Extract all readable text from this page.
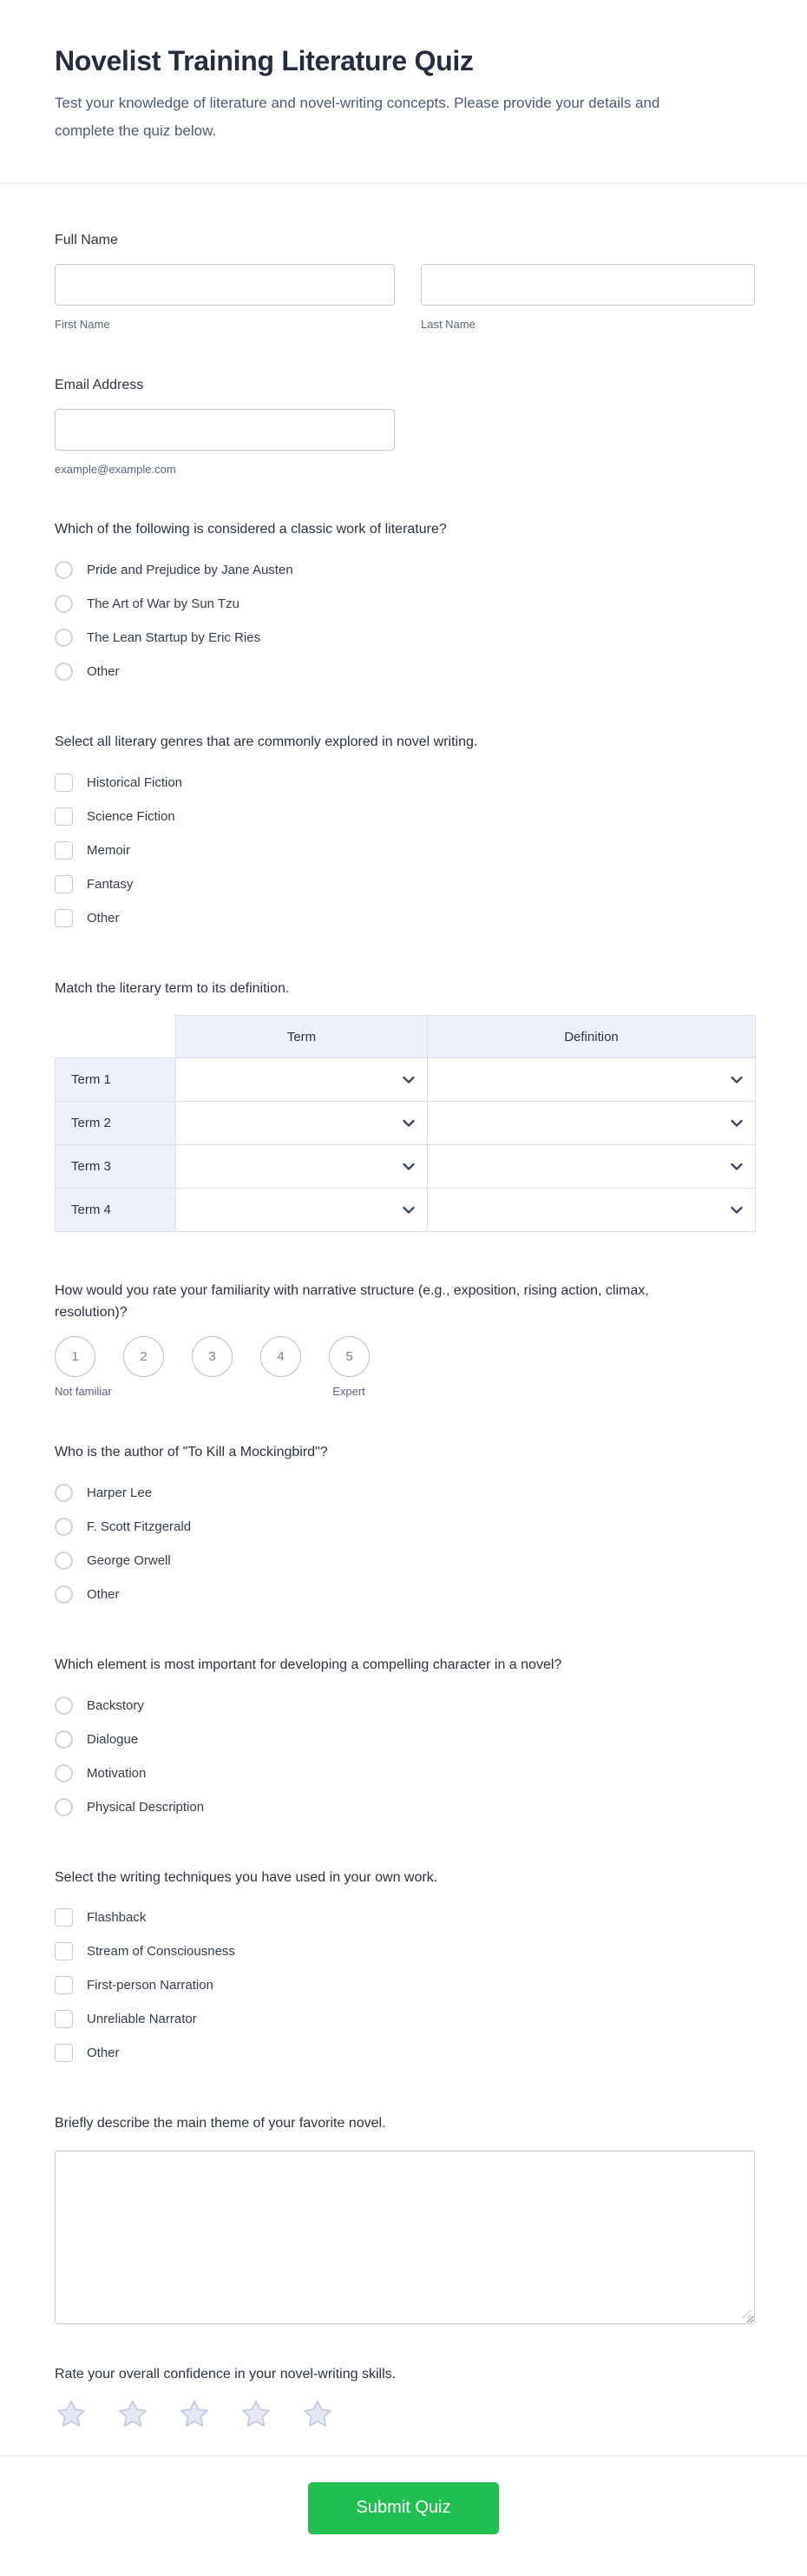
Novelist Training Literature Quiz

Test your knowledge of literature and novel-writing concepts. Please provide your details and complete the quiz below.

Full Name
First Name	Last Name
Email Address
example@example.com
Which of the following is considered a classic work of literature?
Pride and Prejudice by Jane Austen
The Art of War by Sun Tzu
The Lean Startup by Eric Ries
Other
Select all literary genres that are commonly explored in novel writing.
Historical Fiction
Science Fiction
Memoir
Fantasy
Other
Match the literary term to its definition.
	Term	Definition
Term 1	

Term 2	

Term 3	

Term 4	

How would you rate your familiarity with narrative structure (e.g., exposition, rising action, climax, resolution)?
1	2	3	4	5
Not familiar	Expert
Who is the author of "To Kill a Mockingbird"?
Harper Lee
F. Scott Fitzgerald
George Orwell
Other
Which element is most important for developing a compelling character in a novel?
Backstory
Dialogue
Motivation
Physical Description
Select the writing techniques you have used in your own work.
Flashback
Stream of Consciousness
First-person Narration
Unreliable Narrator
Other
Briefly describe the main theme of your favorite novel.
Rate your overall confidence in your novel-writing skills.
Submit Quiz
